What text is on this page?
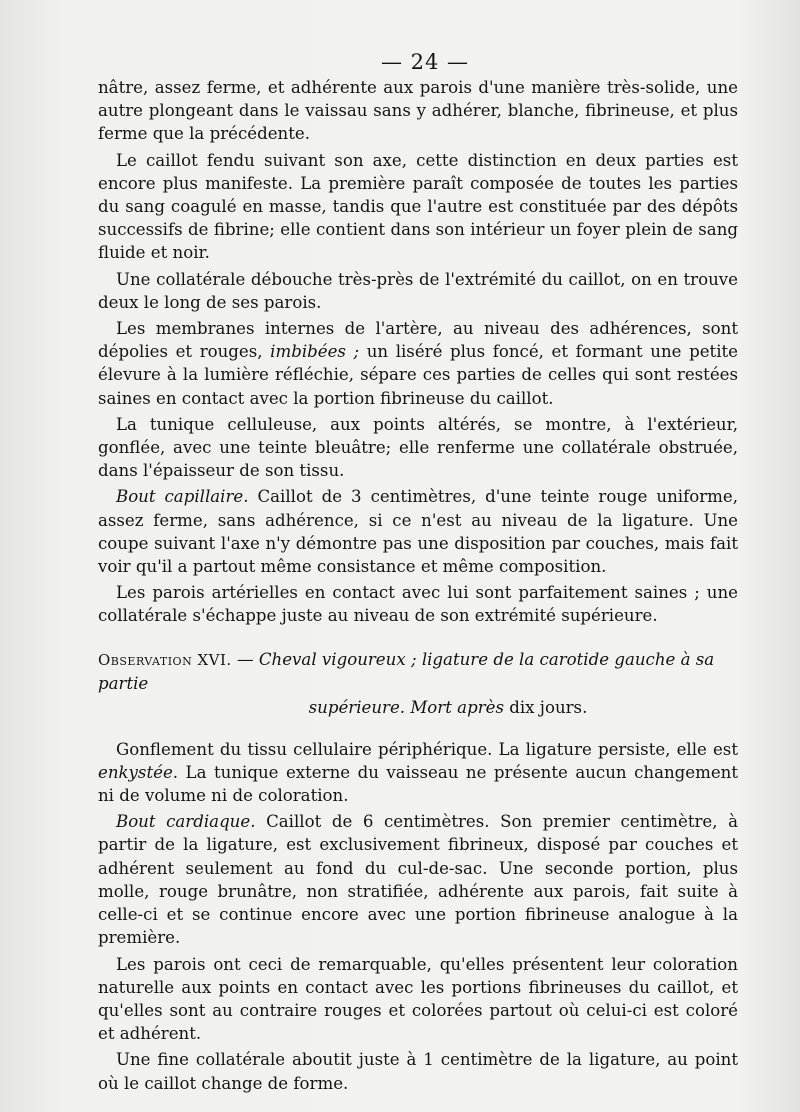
— 24 —

nâtre, assez ferme, et adhérente aux parois d'une manière très-solide, une autre plongeant dans le vaissau sans y adhérer, blanche, fibrineuse, et plus ferme que la précédente.

Le caillot fendu suivant son axe, cette distinction en deux parties est encore plus manifeste. La première paraît composée de toutes les parties du sang coagulé en masse, tandis que l'autre est constituée par des dépôts successifs de fibrine; elle contient dans son intérieur un foyer plein de sang fluide et noir.

Une collatérale débouche très-près de l'extrémité du caillot, on en trouve deux le long de ses parois.

Les membranes internes de l'artère, au niveau des adhérences, sont dépolies et rouges, imbibées ; un liséré plus foncé, et formant une petite élevure à la lumière réfléchie, sépare ces parties de celles qui sont restées saines en contact avec la portion fibrineuse du caillot.

La tunique celluleuse, aux points altérés, se montre, à l'extérieur, gonflée, avec une teinte bleuâtre; elle renferme une collatérale obstruée, dans l'épaisseur de son tissu.

Bout capillaire. Caillot de 3 centimètres, d'une teinte rouge uniforme, assez ferme, sans adhérence, si ce n'est au niveau de la ligature. Une coupe suivant l'axe n'y démontre pas une disposition par couches, mais fait voir qu'il a partout même consistance et même composition.

Les parois artérielles en contact avec lui sont parfaitement saines ; une collatérale s'échappe juste au niveau de son extrémité supérieure.

Observation XVI. — Cheval vigoureux ; ligature de la carotide gauche à sa partie
supérieure. Mort après dix jours.

Gonflement du tissu cellulaire périphérique. La ligature persiste, elle est enkystée. La tunique externe du vaisseau ne présente aucun changement ni de volume ni de coloration.

Bout cardiaque. Caillot de 6 centimètres. Son premier centimètre, à partir de la ligature, est exclusivement fibrineux, disposé par couches et adhérent seulement au fond du cul-de-sac. Une seconde portion, plus molle, rouge brunâtre, non stratifiée, adhérente aux parois, fait suite à celle-ci et se continue encore avec une portion fibrineuse analogue à la première.

Les parois ont ceci de remarquable, qu'elles présentent leur coloration naturelle aux points en contact avec les portions fibrineuses du caillot, et qu'elles sont au contraire rouges et colorées partout où celui-ci est coloré et adhérent.

Une fine collatérale aboutit juste à 1 centimètre de la ligature, au point où le caillot change de forme.
